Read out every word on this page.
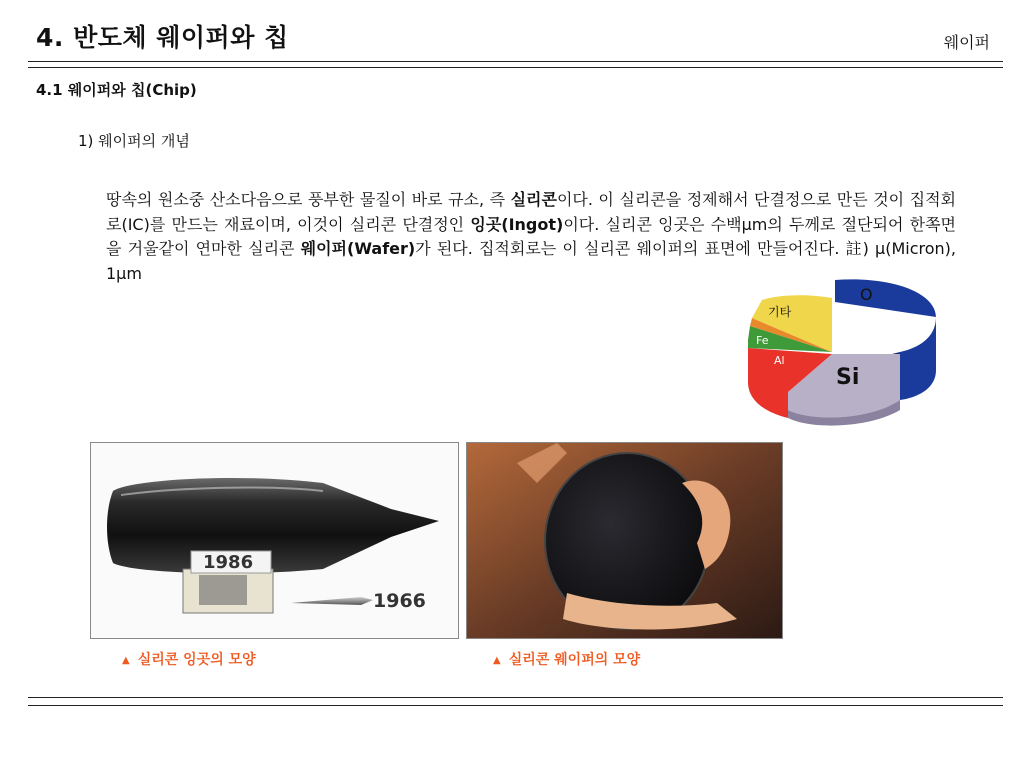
4. 반도체 웨이퍼와 칩	웨이퍼
4.1 웨이퍼와 칩(Chip)
1) 웨이퍼의 개념
땅속의 원소중 산소다음으로 풍부한 물질이 바로 규소, 즉 실리콘이다. 이 실리콘을 정제해서 단결정으로 만든 것이 집적회로(IC)를 만드는 재료이며, 이것이 실리콘 단결정인 잉곳(Ingot)이다. 실리콘 잉곳은 수백μm의 두께로 절단되어 한쪽면을 거울같이 연마한 실리콘 웨이퍼(Wafer)가 된다. 집적회로는 이 실리콘 웨이퍼의 표면에 만들어진다. 註) μ(Micron), 1μm
O
Si
Al
Fe
기타
1986
1966
▲ 실리콘 잉곳의 모양	▲ 실리콘 웨이퍼의 모양
